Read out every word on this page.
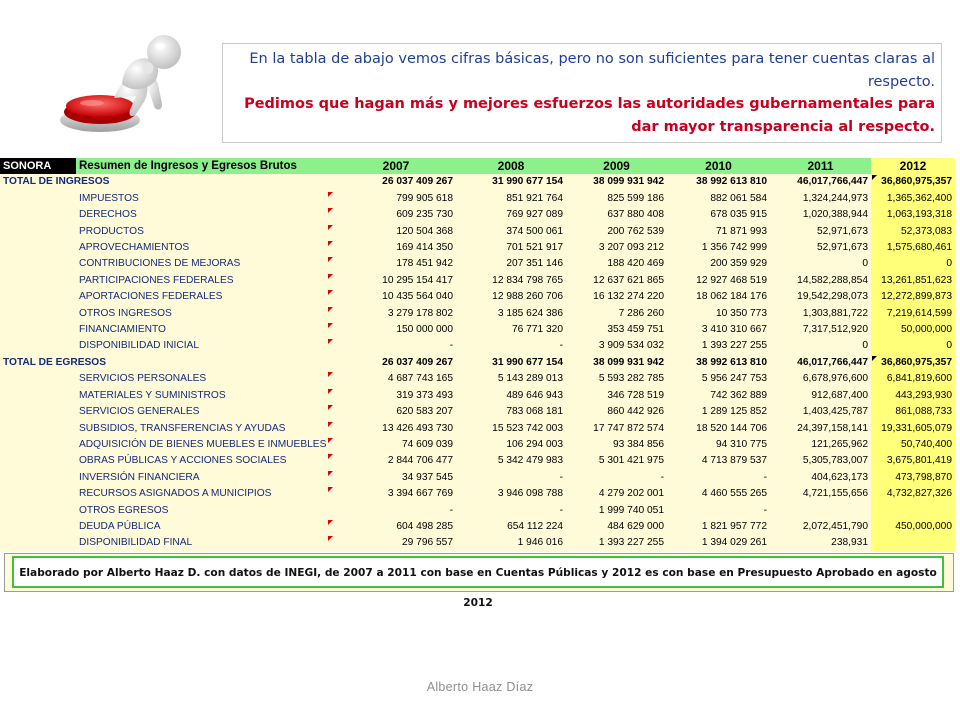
En la tabla de abajo vemos cifras básicas, pero no son suficientes para tener cuentas claras al respecto.
Pedimos que hagan más y mejores esfuerzos las autoridades gubernamentales para dar mayor transparencia al respecto.
SONORA	Resumen de Ingresos y Egresos Brutos	2007	2008	2009	2010	2011	2012
TOTAL DE INGRESOS		26 037 409 267	31 990 677 154	38 099 931 942	38 992 613 810	46,017,766,447	36,860,975,357
	IMPUESTOS	799 905 618	851 921 764	825 599 186	882 061 584	1,324,244,973	1,365,362,400
	DERECHOS	609 235 730	769 927 089	637 880 408	678 035 915	1,020,388,944	1,063,193,318
	PRODUCTOS	120 504 368	374 500 061	200 762 539	71 871 993	52,971,673	52,373,083
	APROVECHAMIENTOS	169 414 350	701 521 917	3 207 093 212	1 356 742 999	52,971,673	1,575,680,461
	CONTRIBUCIONES DE MEJORAS	178 451 942	207 351 146	188 420 469	200 359 929	0	0
	PARTICIPACIONES FEDERALES	10 295 154 417	12 834 798 765	12 637 621 865	12 927 468 519	14,582,288,854	13,261,851,623
	APORTACIONES FEDERALES	10 435 564 040	12 988 260 706	16 132 274 220	18 062 184 176	19,542,298,073	12,272,899,873
	OTROS INGRESOS	3 279 178 802	3 185 624 386	7 286 260	10 350 773	1,303,881,722	7,219,614,599
	FINANCIAMIENTO	150 000 000	76 771 320	353 459 751	3 410 310 667	7,317,512,920	50,000,000
	DISPONIBILIDAD INICIAL	-	-	3 909 534 032	1 393 227 255	0	0
TOTAL DE EGRESOS		26 037 409 267	31 990 677 154	38 099 931 942	38 992 613 810	46,017,766,447	36,860,975,357
	SERVICIOS PERSONALES	4 687 743 165	5 143 289 013	5 593 282 785	5 956 247 753	6,678,976,600	6,841,819,600
	MATERIALES Y SUMINISTROS	319 373 493	489 646 943	346 728 519	742 362 889	912,687,400	443,293,930
	SERVICIOS GENERALES	620 583 207	783 068 181	860 442 926	1 289 125 852	1,403,425,787	861,088,733
	SUBSIDIOS, TRANSFERENCIAS Y AYUDAS	13 426 493 730	15 523 742 003	17 747 872 574	18 520 144 706	24,397,158,141	19,331,605,079
	ADQUISICIÓN DE BIENES MUEBLES E INMUEBLES	74 609 039	106 294 003	93 384 856	94 310 775	121,265,962	50,740,400
	OBRAS PÚBLICAS Y ACCIONES SOCIALES	2 844 706 477	5 342 479 983	5 301 421 975	4 713 879 537	5,305,783,007	3,675,801,419
	INVERSIÓN FINANCIERA	34 937 545	-	-	-	404,623,173	473,798,870
	RECURSOS ASIGNADOS A MUNICIPIOS	3 394 667 769	3 946 098 788	4 279 202 001	4 460 555 265	4,721,155,656	4,732,827,326
	OTROS EGRESOS	-	-	1 999 740 051	-		
	DEUDA PÚBLICA	604 498 285	654 112 224	484 629 000	1 821 957 772	2,072,451,790	450,000,000
	DISPONIBILIDAD FINAL	29 796 557	1 946 016	1 393 227 255	1 394 029 261	238,931	
Elaborado por Alberto Haaz D. con datos de INEGI, de 2007 a 2011 con base en Cuentas Públicas y 2012 es con base en Presupuesto Aprobado en agosto 2012
Alberto Haaz Díaz
